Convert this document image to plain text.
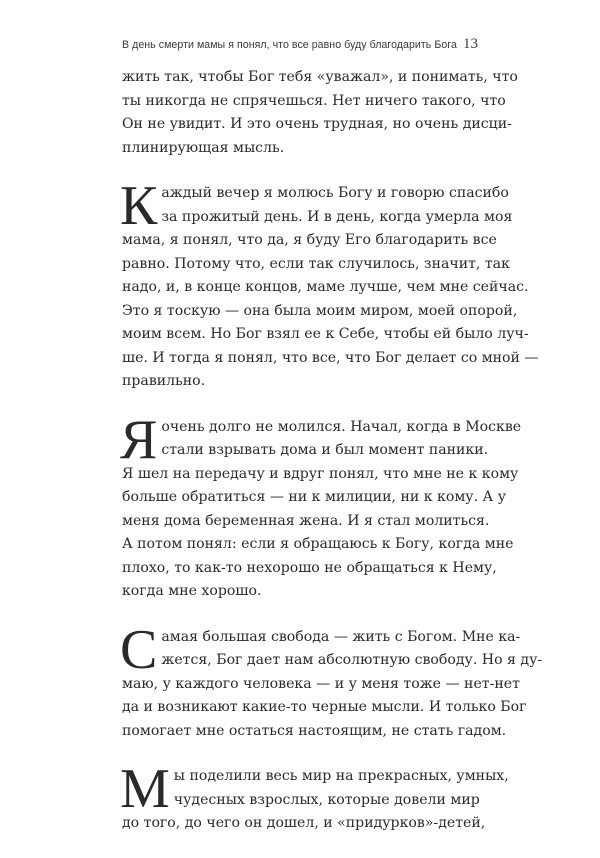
В день смерти мамы я понял, что все равно буду благодарить Бога 13
жить так, чтобы Бог тебя «уважал», и понимать, что
ты никогда не спрячешься. Нет ничего такого, что
Он не увидит. И это очень трудная, но очень дисци-
плинирующая мысль.
К аждый вечер я молюсь Богу и говорю спасибо
за прожитый день. И в день, когда умерла моя
мама, я понял, что да, я буду Его благодарить все
равно. Потому что, если так случилось, значит, так
надо, и, в конце концов, маме лучше, чем мне сейчас.
Это я тоскую — она была моим миром, моей опорой,
моим всем. Но Бог взял ее к Себе, чтобы ей было луч-
ше. И тогда я понял, что все, что Бог делает со мной —
правильно.
Я очень долго не молился. Начал, когда в Москве
стали взрывать дома и был момент паники.
Я шел на передачу и вдруг понял, что мне не к кому
больше обратиться — ни к милиции, ни к кому. А у
меня дома беременная жена. И я стал молиться.
А потом понял: если я обращаюсь к Богу, когда мне
плохо, то как-то нехорошо не обращаться к Нему,
когда мне хорошо.
С амая большая свобода — жить с Богом. Мне ка-
жется, Бог дает нам абсолютную свободу. Но я ду-
маю, у каждого человека — и у меня тоже — нет-нет
да и возникают какие-то черные мысли. И только Бог
помогает мне остаться настоящим, не стать гадом.
М ы поделили весь мир на прекрасных, умных,
чудесных взрослых, которые довели мир
до того, до чего он дошел, и «придурков»-детей,
